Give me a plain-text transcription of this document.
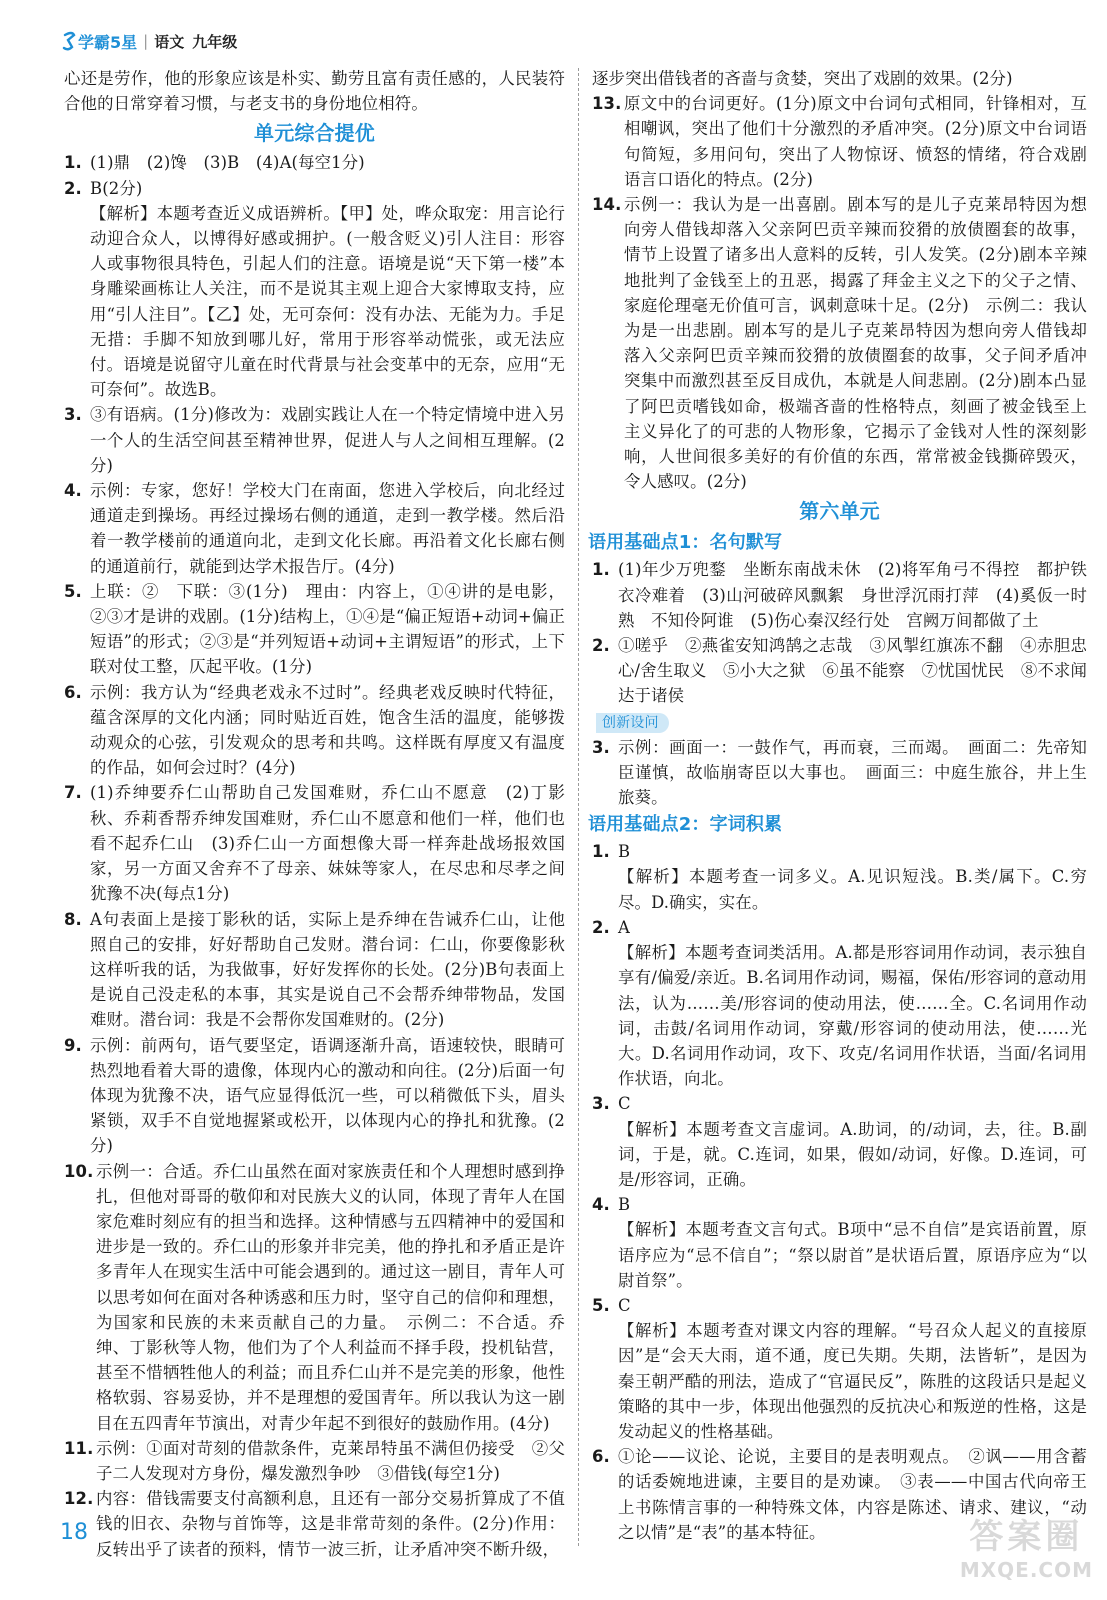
学霸5星 | 语文 九年级
心还是劳作，他的形象应该是朴实、勤劳且富有责任感的，人民装符合他的日常穿着习惯，与老支书的身份地位相符。
单元综合提优
1. (1)鼎　(2)馋　(3)B　(4)A(每空1分)
2. B(2分)
【解析】本题考查近义成语辨析。【甲】处，哗众取宠：用言论行动迎合众人，以博得好感或拥护。(一般含贬义)引人注目：形容人或事物很具特色，引起人们的注意。语境是说“天下第一楼”本身雕梁画栋让人关注，而不是说其主观上迎合大家博取支持，应用“引人注目”。【乙】处，无可奈何：没有办法、无能为力。手足无措：手脚不知放到哪儿好，常用于形容举动慌张，或无法应付。语境是说留守儿童在时代背景与社会变革中的无奈，应用“无可奈何”。故选B。
3. ③有语病。(1分)修改为：戏剧实践让人在一个特定情境中进入另一个人的生活空间甚至精神世界，促进人与人之间相互理解。(2分)
4. 示例：专家，您好！学校大门在南面，您进入学校后，向北经过通道走到操场。再经过操场右侧的通道，走到一教学楼。然后沿着一教学楼前的通道向北，走到文化长廊。再沿着文化长廊右侧的通道前行，就能到达学术报告厅。(4分)
5. 上联：②　下联：③(1分)　理由：内容上，①④讲的是电影，②③才是讲的戏剧。(1分)结构上，①④是“偏正短语+动词+偏正短语”的形式；②③是“并列短语+动词+主谓短语”的形式，上下联对仗工整，仄起平收。(1分)
6. 示例：我方认为“经典老戏永不过时”。经典老戏反映时代特征，蕴含深厚的文化内涵；同时贴近百姓，饱含生活的温度，能够拨动观众的心弦，引发观众的思考和共鸣。这样既有厚度又有温度的作品，如何会过时？(4分)
7. (1)乔绅要乔仁山帮助自己发国难财，乔仁山不愿意　(2)丁影秋、乔莉香帮乔绅发国难财，乔仁山不愿意和他们一样，他们也看不起乔仁山　(3)乔仁山一方面想像大哥一样奔赴战场报效国家，另一方面又舍弃不了母亲、妹妹等家人，在尽忠和尽孝之间犹豫不决(每点1分)
8. A句表面上是接丁影秋的话，实际上是乔绅在告诫乔仁山，让他照自己的安排，好好帮助自己发财。潜台词：仁山，你要像影秋这样听我的话，为我做事，好好发挥你的长处。(2分)B句表面上是说自己没走私的本事，其实是说自己不会帮乔绅带物品，发国难财。潜台词：我是不会帮你发国难财的。(2分)
9. 示例：前两句，语气要坚定，语调逐渐升高，语速较快，眼睛可热烈地看着大哥的遗像，体现内心的激动和向往。(2分)后面一句体现为犹豫不决，语气应显得低沉一些，可以稍微低下头，眉头紧锁，双手不自觉地握紧或松开，以体现内心的挣扎和犹豫。(2分)
10. 示例一：合适。乔仁山虽然在面对家族责任和个人理想时感到挣扎，但他对哥哥的敬仰和对民族大义的认同，体现了青年人在国家危难时刻应有的担当和选择。这种情感与五四精神中的爱国和进步是一致的。乔仁山的形象并非完美，他的挣扎和矛盾正是许多青年人在现实生活中可能会遇到的。通过这一剧目，青年人可以思考如何在面对各种诱惑和压力时，坚守自己的信仰和理想，为国家和民族的未来贡献自己的力量。　示例二：不合适。乔绅、丁影秋等人物，他们为了个人利益而不择手段，投机钻营，甚至不惜牺牲他人的利益；而且乔仁山并不是完美的形象，他性格软弱、容易妥协，并不是理想的爱国青年。所以我认为这一剧目在五四青年节演出，对青少年起不到很好的鼓励作用。(4分)
11. 示例：①面对苛刻的借款条件，克莱昂特虽不满但仍接受　②父子二人发现对方身份，爆发激烈争吵　③借钱(每空1分)
12. 内容：借钱需要支付高额利息，且还有一部分交易折算成了不值钱的旧衣、杂物与首饰等，这是非常苛刻的条件。(2分)作用：反转出乎了读者的预料，情节一波三折，让矛盾冲突不断升级，
逐步突出借钱者的吝啬与贪婪，突出了戏剧的效果。(2分)
13. 原文中的台词更好。(1分)原文中台词句式相同，针锋相对，互相嘲讽，突出了他们十分激烈的矛盾冲突。(2分)原文中台词语句简短，多用问句，突出了人物惊讶、愤怒的情绪，符合戏剧语言口语化的特点。(2分)
14. 示例一：我认为是一出喜剧。剧本写的是儿子克莱昂特因为想向旁人借钱却落入父亲阿巴贡辛辣而狡猾的放债圈套的故事，情节上设置了诸多出人意料的反转，引人发笑。(2分)剧本辛辣地批判了金钱至上的丑恶，揭露了拜金主义之下的父子之情、家庭伦理毫无价值可言，讽刺意味十足。(2分)　示例二：我认为是一出悲剧。剧本写的是儿子克莱昂特因为想向旁人借钱却落入父亲阿巴贡辛辣而狡猾的放债圈套的故事，父子间矛盾冲突集中而激烈甚至反目成仇，本就是人间悲剧。(2分)剧本凸显了阿巴贡嗜钱如命，极端吝啬的性格特点，刻画了被金钱至上主义异化了的可悲的人物形象，它揭示了金钱对人性的深刻影响，人世间很多美好的有价值的东西，常常被金钱撕碎毁灭，令人感叹。(2分)
第六单元
语用基础点1：名句默写
1. (1)年少万兜鍪　坐断东南战未休　(2)将军角弓不得控　都护铁衣冷难着　(3)山河破碎风飘絮　身世浮沉雨打萍　(4)奚仮一时熟　不知伶阿谁　(5)伤心秦汉经行处　宫阙万间都做了土
2. ①嗟乎　②燕雀安知鸿鹄之志哉　③风掣红旗冻不翻　④赤胆忠心/舍生取义　⑤小大之狱　⑥虽不能察　⑦忧国忧民　⑧不求闻达于诸侯
创新设问
3. 示例：画面一：一鼓作气，再而衰，三而竭。　画面二：先帝知臣谨慎，故临崩寄臣以大事也。　画面三：中庭生旅谷，井上生旅葵。
语用基础点2：字词积累
1. B
【解析】本题考查一词多义。A.见识短浅。B.类/属下。C.穷尽。D.确实，实在。
2. A
【解析】本题考查词类活用。A.都是形容词用作动词，表示独自享有/偏爱/亲近。B.名词用作动词，赐福，保佑/形容词的意动用法，认为……美/形容词的使动用法，使……全。C.名词用作动词，击鼓/名词用作动词，穿戴/形容词的使动用法，使……光大。D.名词用作动词，攻下、攻克/名词用作状语，当面/名词用作状语，向北。
3. C
【解析】本题考查文言虚词。A.助词，的/动词，去，往。B.副词，于是，就。C.连词，如果，假如/动词，好像。D.连词，可是/形容词，正确。
4. B
【解析】本题考查文言句式。B项中“忌不自信”是宾语前置，原语序应为“忌不信自”；“祭以尉首”是状语后置，原语序应为“以尉首祭”。
5. C
【解析】本题考查对课文内容的理解。“号召众人起义的直接原因”是“会天大雨，道不通，度已失期。失期，法皆斩”，是因为秦王朝严酷的刑法，造成了“官逼民反”，陈胜的这段话只是起义策略的其中一步，体现出他强烈的反抗决心和叛逆的性格，这是发动起义的性格基础。
6. ①论——议论、论说，主要目的是表明观点。　②讽——用含蓄的话委婉地进谏，主要目的是劝谏。　③表——中国古代向帝王上书陈情言事的一种特殊文体，内容是陈述、请求、建议，“动之以情”是“表”的基本特征。
18	答案圈
MXQE.COM
